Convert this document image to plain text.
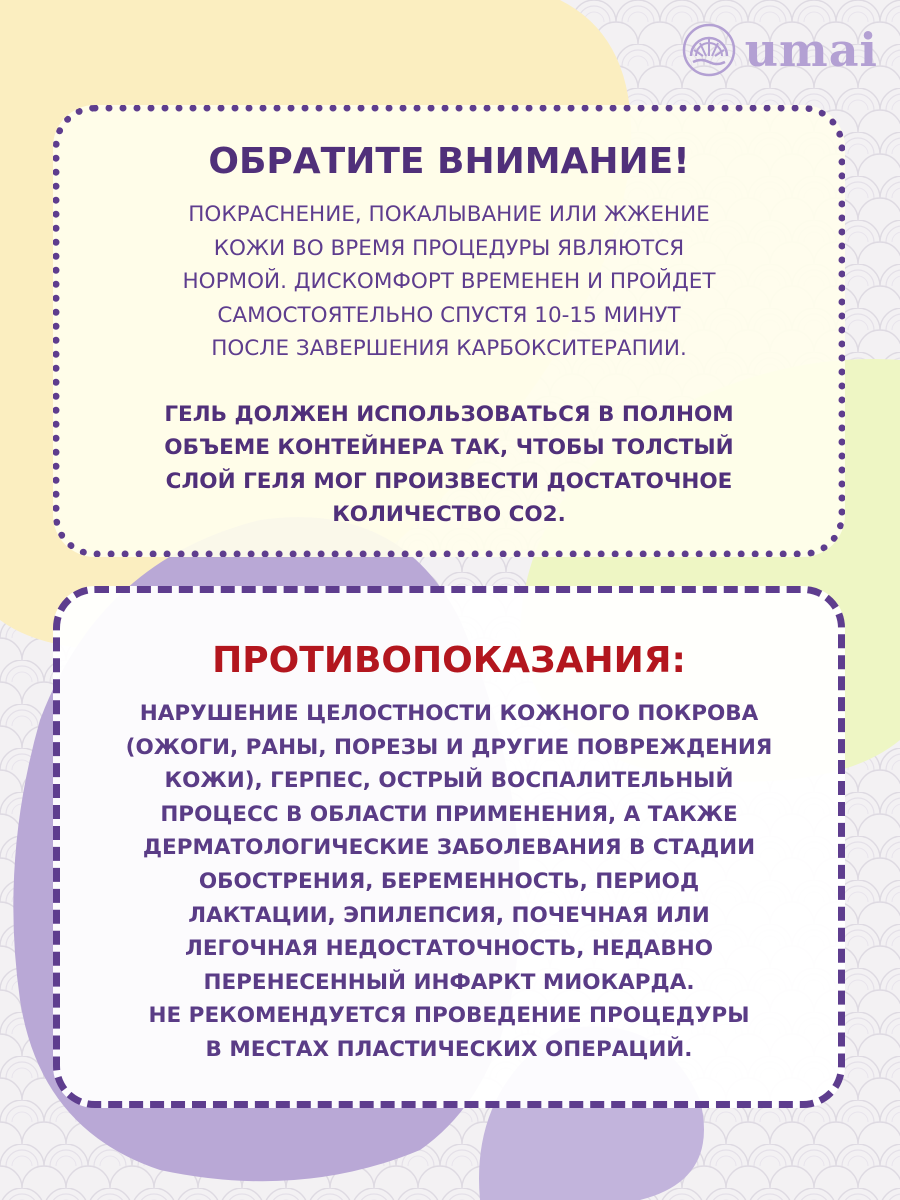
umai
ОБРАТИТЕ ВНИМАНИЕ!

ПОКРАСНЕНИЕ, ПОКАЛЫВАНИЕ ИЛИ ЖЖЕНИЕ
КОЖИ ВО ВРЕМЯ ПРОЦЕДУРЫ ЯВЛЯЮТСЯ
НОРМОЙ. ДИСКОМФОРТ ВРЕМЕНЕН И ПРОЙДЕТ
САМОСТОЯТЕЛЬНО СПУСТЯ 10-15 МИНУТ
ПОСЛЕ ЗАВЕРШЕНИЯ КАРБОКСИТЕРАПИИ.

ГЕЛЬ ДОЛЖЕН ИСПОЛЬЗОВАТЬСЯ В ПОЛНОМ
ОБЪЕМЕ КОНТЕЙНЕРА ТАК, ЧТОБЫ ТОЛСТЫЙ
СЛОЙ ГЕЛЯ МОГ ПРОИЗВЕСТИ ДОСТАТОЧНОЕ
КОЛИЧЕСТВО СО2.

ПРОТИВОПОКАЗАНИЯ:

НАРУШЕНИЕ ЦЕЛОСТНОСТИ КОЖНОГО ПОКРОВА
(ОЖОГИ, РАНЫ, ПОРЕЗЫ И ДРУГИЕ ПОВРЕЖДЕНИЯ
КОЖИ), ГЕРПЕС, ОСТРЫЙ ВОСПАЛИТЕЛЬНЫЙ
ПРОЦЕСС В ОБЛАСТИ ПРИМЕНЕНИЯ, А ТАКЖЕ
ДЕРМАТОЛОГИЧЕСКИЕ ЗАБОЛЕВАНИЯ В СТАДИИ
ОБОСТРЕНИЯ, БЕРЕМЕННОСТЬ, ПЕРИОД
ЛАКТАЦИИ, ЭПИЛЕПСИЯ, ПОЧЕЧНАЯ ИЛИ
ЛЕГОЧНАЯ НЕДОСТАТОЧНОСТЬ, НЕДАВНО
ПЕРЕНЕСЕННЫЙ ИНФАРКТ МИОКАРДА.
НЕ РЕКОМЕНДУЕТСЯ ПРОВЕДЕНИЕ ПРОЦЕДУРЫ
В МЕСТАХ ПЛАСТИЧЕСКИХ ОПЕРАЦИЙ.
